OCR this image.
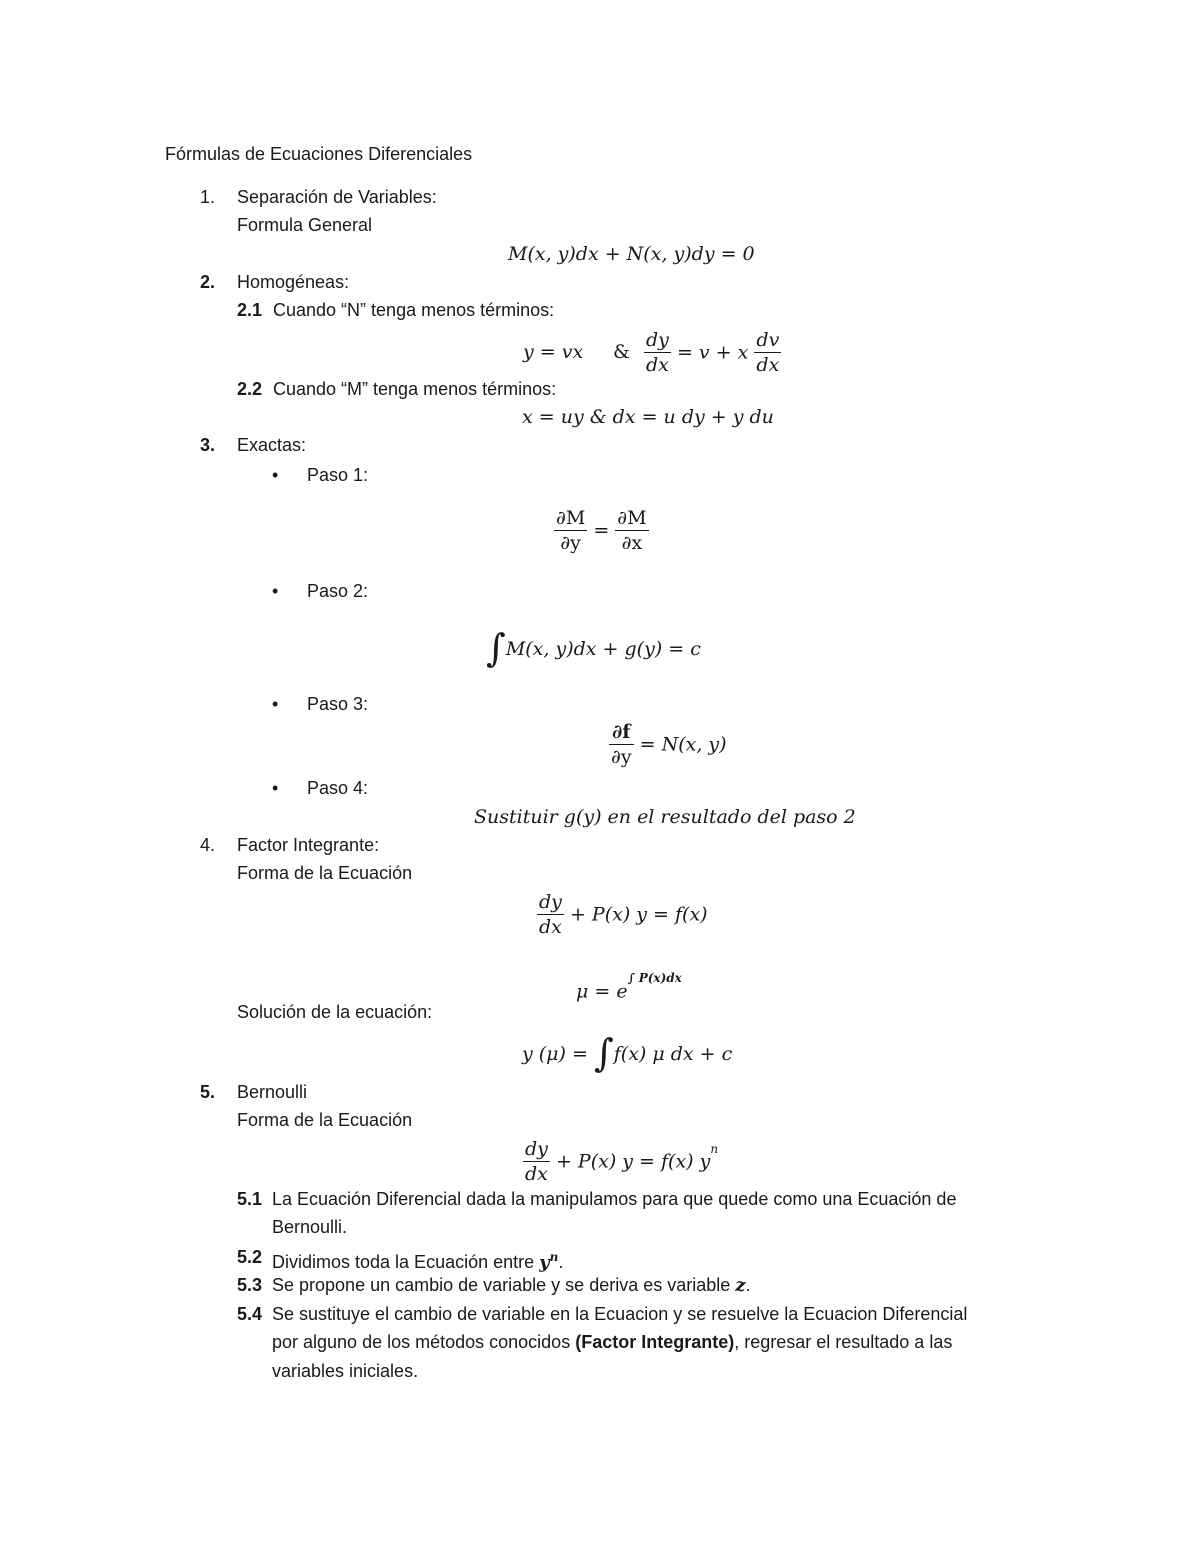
Fórmulas de Ecuaciones Diferenciales
1. Separación de Variables:
Formula General
M(x, y)dx + N(x, y)dy = 0
2. Homogéneas:
2.1 Cuando “N” tenga menos términos:
y = vx & $\frac{dy}{dx} = v + x \frac{dv}{dx}$
2.2 Cuando “M” tenga menos términos:
x = uy & dx = u dy + y du
3. Exactas:
• Paso 1:
$\frac{\partial M}{\partial y} = \frac{\partial M}{\partial x}$
• Paso 2:
∫M(x, y)dx + g(y) = c
• Paso 3:
$\frac{\partial f}{\partial y} = N(x$, y)
• Paso 4:
Sustituir g(y) en el resultado del paso 2
4. Factor Integrante:
Forma de la Ecuación
$\frac{dy}{dx} + P(x) y = f(x)$
$\mu = e^{\int P(x)dx}$
Solución de la ecuación:
y (μ) = ∫f(x) μ dx + c
5. Bernoulli
Forma de la Ecuación
$\frac{dy}{dx} + P(x) y = f(x)$ $y^n$
5.1 La Ecuación Diferencial dada la manipulamos para que quede como una Ecuación de
Bernoulli.
5.2 Dividimos toda la Ecuación entre $y^n$.
5.3 Se propone un cambio de variable y se deriva es variable z.
5.4 Se sustituye el cambio de variable en la Ecuacion y se resuelve la Ecuacion Diferencial
por alguno de los métodos conocidos (Factor Integrante), regresar el resultado a las
variables iniciales.
